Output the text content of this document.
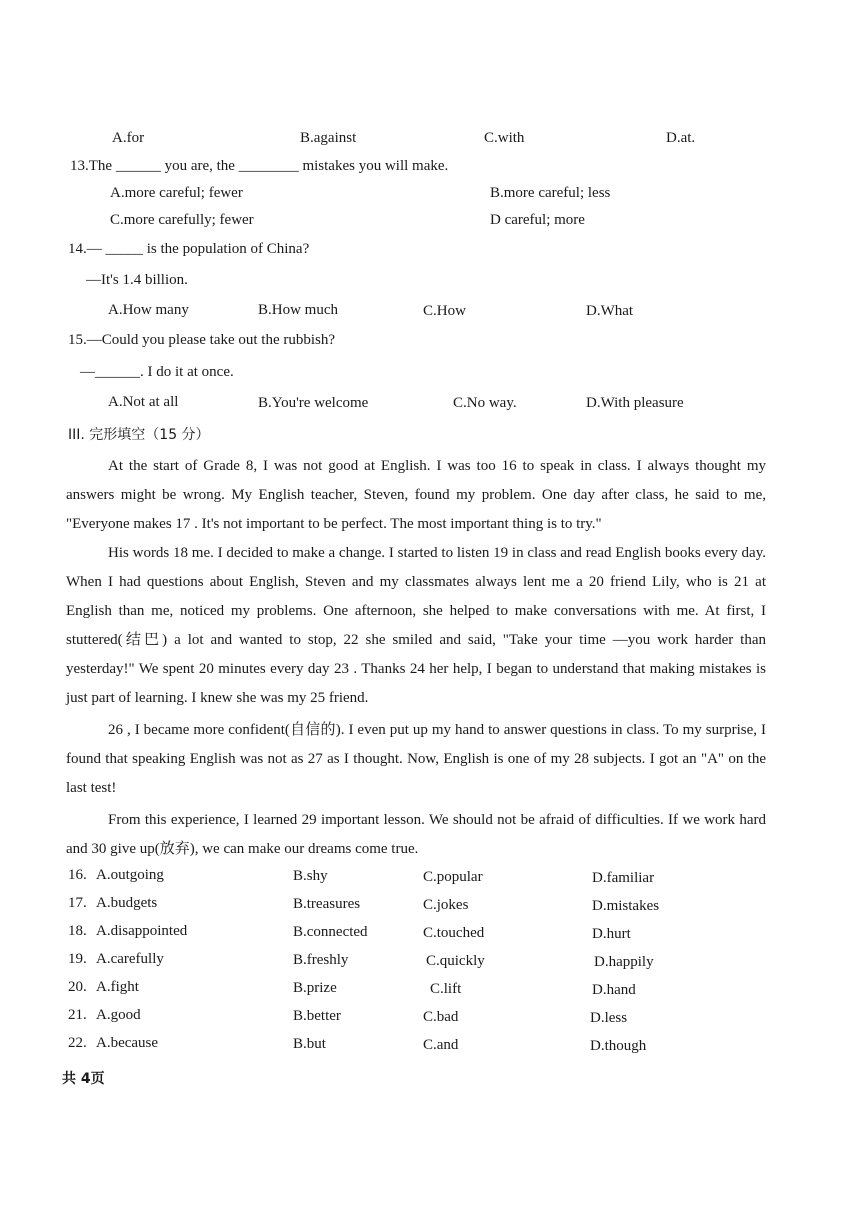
A.for	B.against	C.with	D.at.
13.The ______ you are, the ________ mistakes you will make.
A.more careful; fewer	B.more careful; less
C.more carefully; fewer	D careful; more
14.— _____ is the population of China?
—It's 1.4 billion.
A.How many	B.How much	C.How	D.What
15.—Could you please take out the rubbish?
—______. I do it at once.
A.Not at all	B.You're welcome	C.No way.	D.With pleasure
III. 完形填空（15 分）
At the start of Grade 8, I was not good at English. I was too 16 to speak in class. I always thought my answers might be wrong. My English teacher, Steven, found my problem. One day after class, he said to me, "Everyone makes 17 . It's not important to be perfect. The most important thing is to try."
His words 18 me. I decided to make a change. I started to listen 19 in class and read English books every day. When I had questions about English, Steven and my classmates always lent me a 20 friend Lily, who is 21 at English than me, noticed my problems. One afternoon, she helped to make conversations with me. At first, I stuttered(结巴) a lot and wanted to stop, 22 she smiled and said, "Take your time —you work harder than yesterday!" We spent 20 minutes every day 23 . Thanks 24 her help, I began to understand that making mistakes is just part of learning. I knew she was my 25 friend.
26 , I became more confident(自信的). I even put up my hand to answer questions in class. To my surprise, I found that speaking English was not as 27 as I thought. Now, English is one of my 28 subjects. I got an "A" on the last test!
From this experience, I learned 29 important lesson. We should not be afraid of difficulties. If we work hard and 30 give up(放弃), we can make our dreams come true.
16. A.outgoing	B.shy	C.popular	D.familiar
17. A.budgets	B.treasures	C.jokes	D.mistakes
18. A.disappointed	B.connected	C.touched	D.hurt
19. A.carefully	B.freshly	C.quickly	D.happily
20. A.fight	B.prize	C.lift	D.hand
21. A.good	B.better	C.bad	D.less
22. A.because	B.but	C.and	D.though
共 4页
